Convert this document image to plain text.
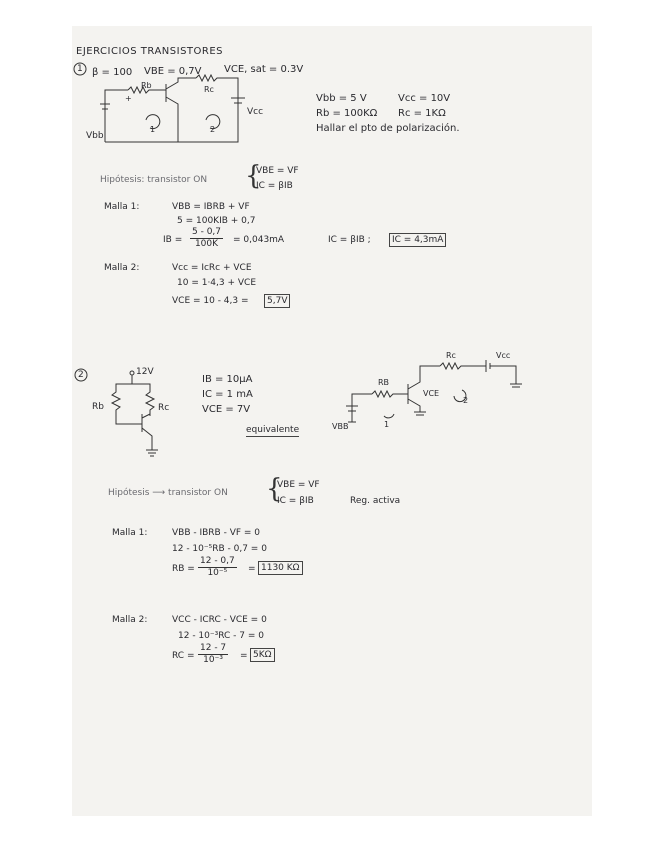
EJERCICIOS TRANSISTORES
1 β = 100 VBE = 0,7V VCE, sat = 0.3V
Rb	Rc
+
Vcc
Vbb
1	2
Vbb = 5 V	Vcc = 10V
Rb = 100KΩ Rc = 1KΩ
Hallar el pto de polarización.
Hipótesis: transistor ON {
VBE = VF
IC = βIB
Malla 1:	VBB = IBRB + VF
5 = 100KIB + 0,7
IB = $\frac{5 - 0,7}{100K} = 0,043mA$	IC = βIB ;	IC = 4,3mA
Malla 2:	Vcc = IcRc + VCE
10 = 1·4,3 + VCE
VCE = 10 - 4,3 =	5,7V
2	12V
Rb	Rc
IB = 10μA
IC = 1 mA
VCE = 7V
equivalente
Rc	Vcc
RB
VCE
VBB	1
2
Hipótesis ⟶ transistor ON {
VBE = VF
IC = βIB	Reg. activa
Malla 1:	VBB - IBRB - VF = 0
12 - 10⁻⁵RB - 0,7 = 0
RB = $\frac{12 - 0,7}{\text{10⁻⁵}} = 1130$ KΩ
Malla 2:	VCC - ICRC - VCE = 0
12 - 10⁻³RC - 7 = 0
RC = $\frac{12 - 7}{\text{10⁻³}} = 5K\Omega$
